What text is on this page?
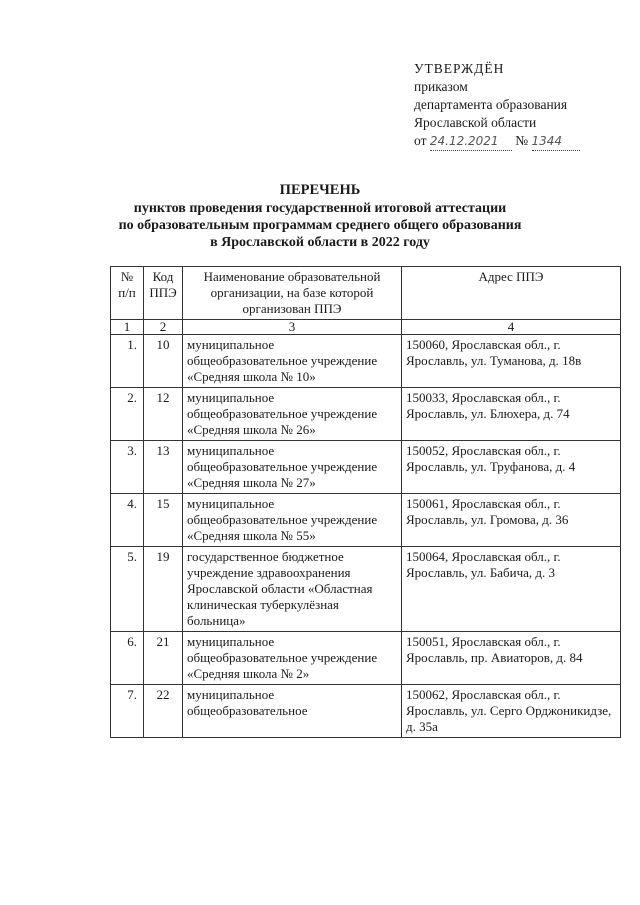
УТВЕРЖДЁН
приказом
департамента образования
Ярославской области
от 24.12.2021 № 1344
ПЕРЕЧЕНЬ
пунктов проведения государственной итоговой аттестации
по образовательным программам среднего общего образования
в Ярославской области в 2022 году
№ п/п	Код ППЭ	Наименование образовательной организации, на базе которой организован ППЭ	Адрес ППЭ
1	2	3	4
1.	10	муниципальное общеобразовательное учреждение «Средняя школа № 10»	150060, Ярославская обл., г. Ярославль, ул. Туманова, д. 18в
2.	12	муниципальное общеобразовательное учреждение «Средняя школа № 26»	150033, Ярославская обл., г. Ярославль, ул. Блюхера, д. 74
3.	13	муниципальное общеобразовательное учреждение «Средняя школа № 27»	150052, Ярославская обл., г. Ярославль, ул. Труфанова, д. 4
4.	15	муниципальное общеобразовательное учреждение «Средняя школа № 55»	150061, Ярославская обл., г. Ярославль, ул. Громова, д. 36
5.	19	государственное бюджетное учреждение здравоохранения Ярославской области «Областная клиническая туберкулёзная больница»	150064, Ярославская обл., г. Ярославль, ул. Бабича, д. 3
6.	21	муниципальное общеобразовательное учреждение «Средняя школа № 2»	150051, Ярославская обл., г. Ярославль, пр. Авиаторов, д. 84
7.	22	муниципальное общеобразовательное	150062, Ярославская обл., г. Ярославль, ул. Серго Орджоникидзе, д. 35а
